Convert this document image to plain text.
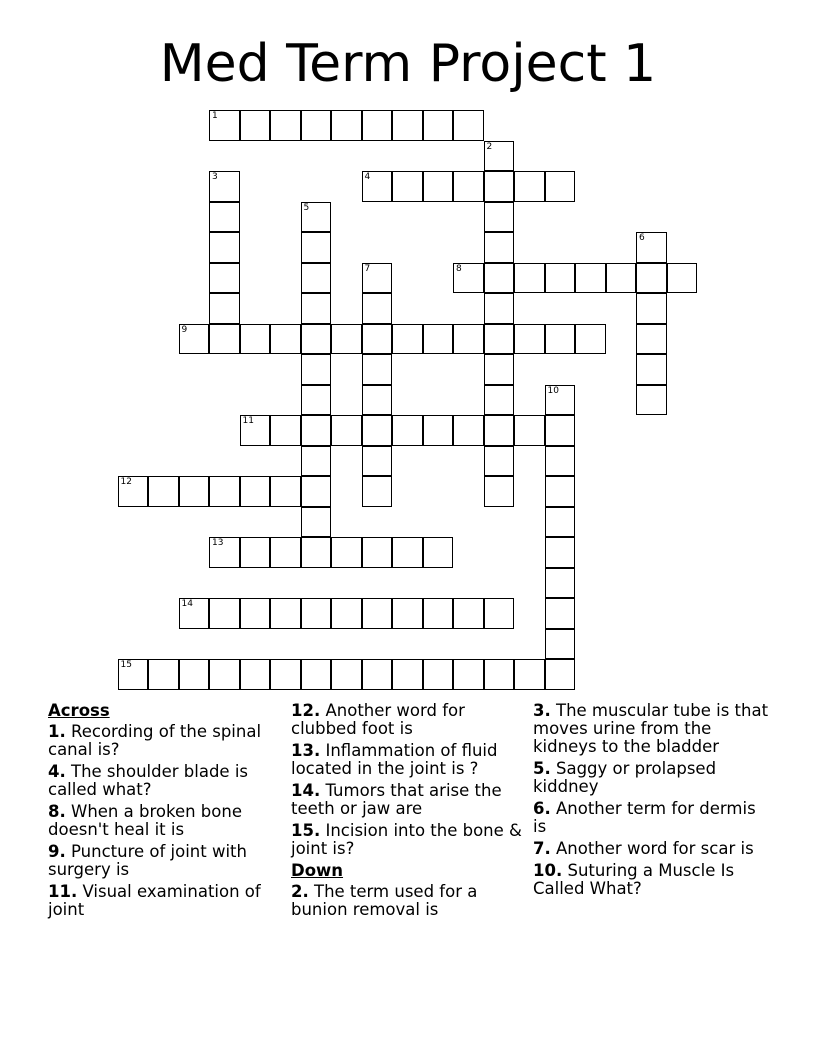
Med Term Project 1
1
2
3	4
5
6
7	8
9
10
11
12
13
14
15
Across
1. Recording of the spinal canal is?
4. The shoulder blade is called what?
8. When a broken bone doesn't heal it is
9. Puncture of joint with surgery is
11. Visual examination of joint
12. Another word for clubbed foot is
13. Inflammation of fluid located in the joint is ?
14. Tumors that arise the teeth or jaw are
15. Incision into the bone & joint is?
Down
2. The term used for a bunion removal is
3. The muscular tube is that moves urine from the kidneys to the bladder
5. Saggy or prolapsed kiddney
6. Another term for dermis is
7. Another word for scar is
10. Suturing a Muscle Is Called What?
